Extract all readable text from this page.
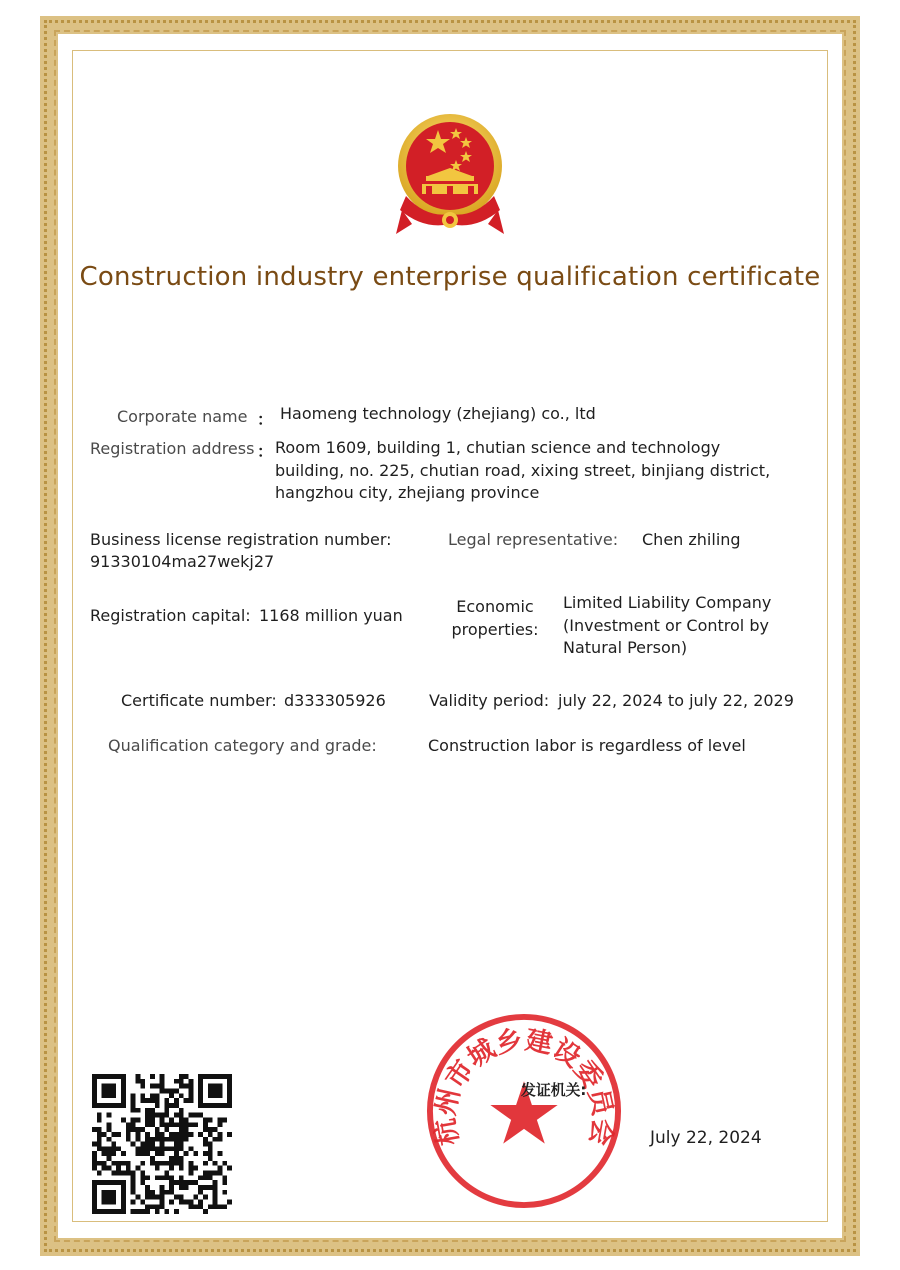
Construction industry enterprise qualification certificate
Corporate name ： Haomeng technology (zhejiang) co., ltd
Registration address ： Room 1609, building 1, chutian science and technology
building, no. 225, chutian road, xixing street, binjiang district,
hangzhou city, zhejiang province
Business license registration number:
91330104ma27wekj27
Legal representative: Chen zhiling
Registration capital: 1168 million yuan	Economic
properties:
Limited Liability Company
(Investment or Control by
Natural Person)
Certificate number: d333305926	Validity period: july 22, 2024 to july 22, 2029
Qualification category and grade:	Construction labor is regardless of level
杭州市城乡建设委员会
发证机关:
July 22, 2024
